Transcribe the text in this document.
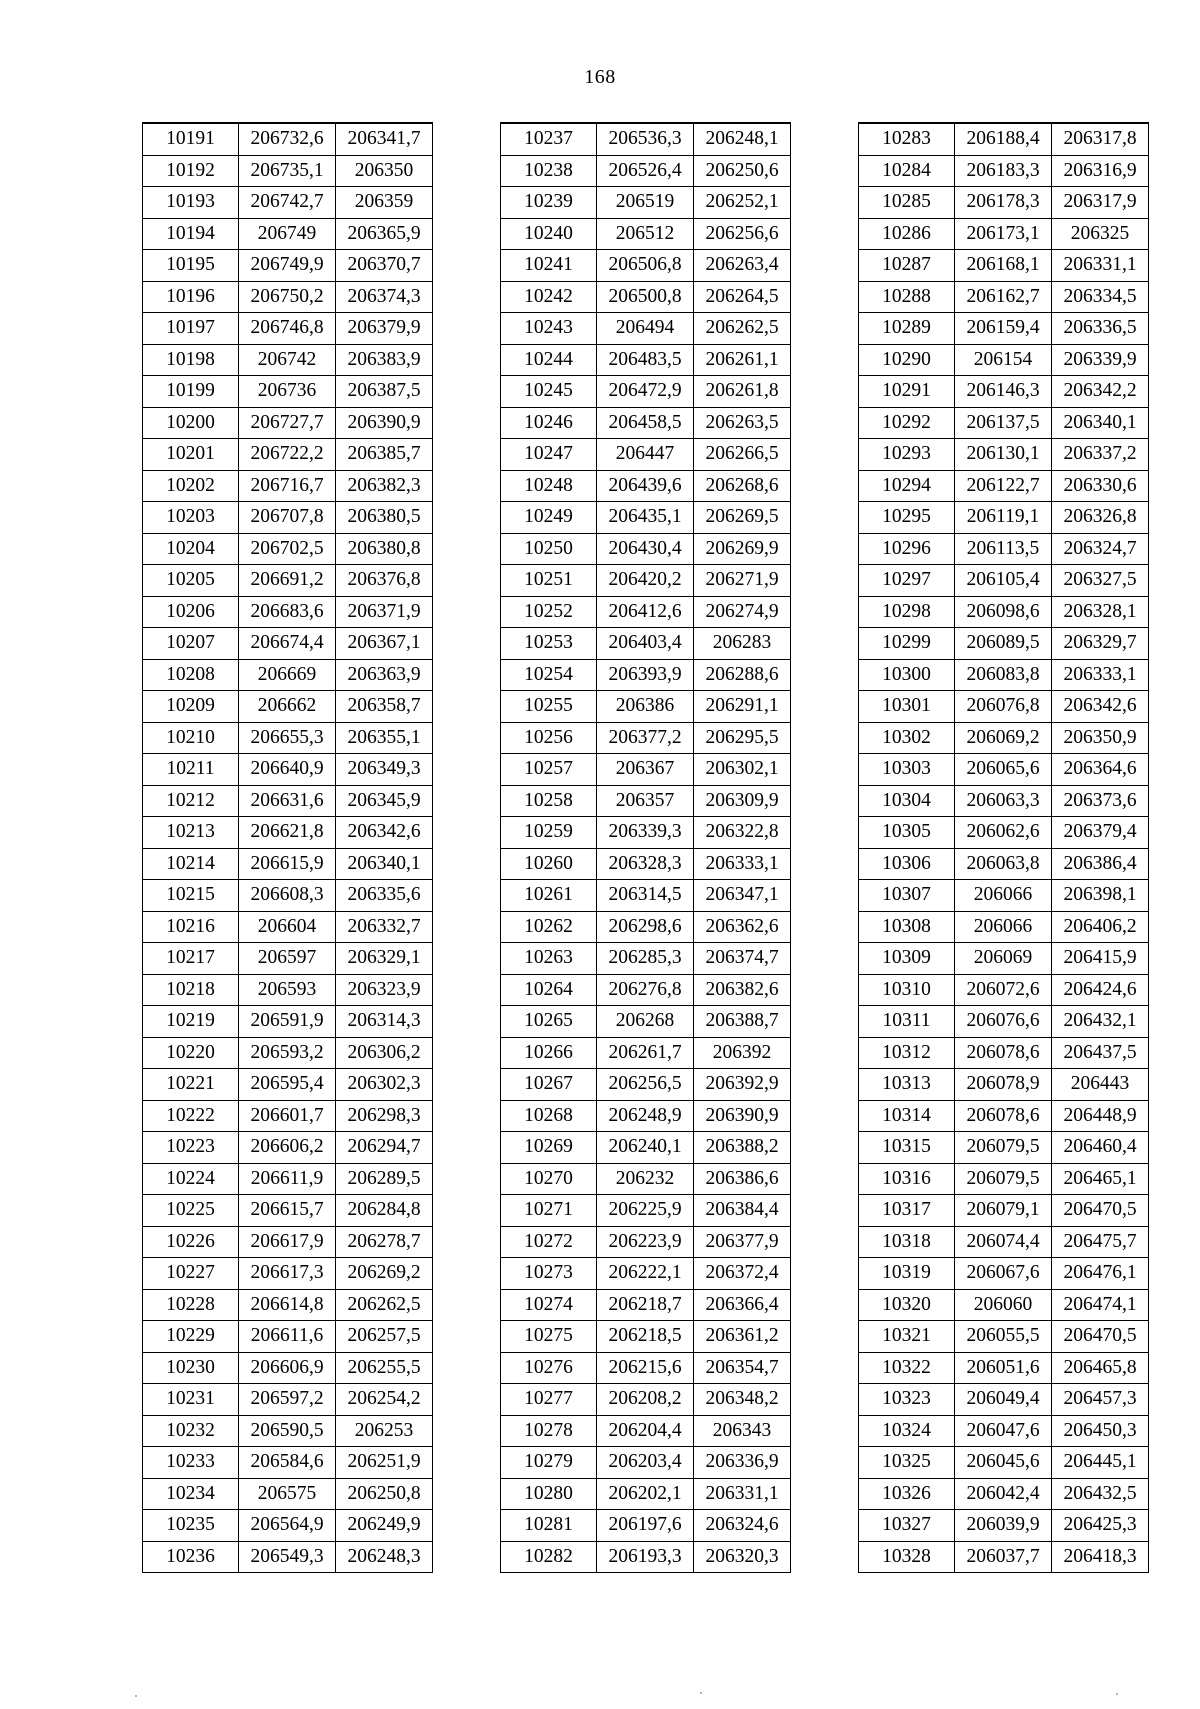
168
10191	206732,6	206341,7
10192	206735,1	206350
10193	206742,7	206359
10194	206749	206365,9
10195	206749,9	206370,7
10196	206750,2	206374,3
10197	206746,8	206379,9
10198	206742	206383,9
10199	206736	206387,5
10200	206727,7	206390,9
10201	206722,2	206385,7
10202	206716,7	206382,3
10203	206707,8	206380,5
10204	206702,5	206380,8
10205	206691,2	206376,8
10206	206683,6	206371,9
10207	206674,4	206367,1
10208	206669	206363,9
10209	206662	206358,7
10210	206655,3	206355,1
10211	206640,9	206349,3
10212	206631,6	206345,9
10213	206621,8	206342,6
10214	206615,9	206340,1
10215	206608,3	206335,6
10216	206604	206332,7
10217	206597	206329,1
10218	206593	206323,9
10219	206591,9	206314,3
10220	206593,2	206306,2
10221	206595,4	206302,3
10222	206601,7	206298,3
10223	206606,2	206294,7
10224	206611,9	206289,5
10225	206615,7	206284,8
10226	206617,9	206278,7
10227	206617,3	206269,2
10228	206614,8	206262,5
10229	206611,6	206257,5
10230	206606,9	206255,5
10231	206597,2	206254,2
10232	206590,5	206253
10233	206584,6	206251,9
10234	206575	206250,8
10235	206564,9	206249,9
10236	206549,3	206248,3
10237	206536,3	206248,1
10238	206526,4	206250,6
10239	206519	206252,1
10240	206512	206256,6
10241	206506,8	206263,4
10242	206500,8	206264,5
10243	206494	206262,5
10244	206483,5	206261,1
10245	206472,9	206261,8
10246	206458,5	206263,5
10247	206447	206266,5
10248	206439,6	206268,6
10249	206435,1	206269,5
10250	206430,4	206269,9
10251	206420,2	206271,9
10252	206412,6	206274,9
10253	206403,4	206283
10254	206393,9	206288,6
10255	206386	206291,1
10256	206377,2	206295,5
10257	206367	206302,1
10258	206357	206309,9
10259	206339,3	206322,8
10260	206328,3	206333,1
10261	206314,5	206347,1
10262	206298,6	206362,6
10263	206285,3	206374,7
10264	206276,8	206382,6
10265	206268	206388,7
10266	206261,7	206392
10267	206256,5	206392,9
10268	206248,9	206390,9
10269	206240,1	206388,2
10270	206232	206386,6
10271	206225,9	206384,4
10272	206223,9	206377,9
10273	206222,1	206372,4
10274	206218,7	206366,4
10275	206218,5	206361,2
10276	206215,6	206354,7
10277	206208,2	206348,2
10278	206204,4	206343
10279	206203,4	206336,9
10280	206202,1	206331,1
10281	206197,6	206324,6
10282	206193,3	206320,3
10283	206188,4	206317,8
10284	206183,3	206316,9
10285	206178,3	206317,9
10286	206173,1	206325
10287	206168,1	206331,1
10288	206162,7	206334,5
10289	206159,4	206336,5
10290	206154	206339,9
10291	206146,3	206342,2
10292	206137,5	206340,1
10293	206130,1	206337,2
10294	206122,7	206330,6
10295	206119,1	206326,8
10296	206113,5	206324,7
10297	206105,4	206327,5
10298	206098,6	206328,1
10299	206089,5	206329,7
10300	206083,8	206333,1
10301	206076,8	206342,6
10302	206069,2	206350,9
10303	206065,6	206364,6
10304	206063,3	206373,6
10305	206062,6	206379,4
10306	206063,8	206386,4
10307	206066	206398,1
10308	206066	206406,2
10309	206069	206415,9
10310	206072,6	206424,6
10311	206076,6	206432,1
10312	206078,6	206437,5
10313	206078,9	206443
10314	206078,6	206448,9
10315	206079,5	206460,4
10316	206079,5	206465,1
10317	206079,1	206470,5
10318	206074,4	206475,7
10319	206067,6	206476,1
10320	206060	206474,1
10321	206055,5	206470,5
10322	206051,6	206465,8
10323	206049,4	206457,3
10324	206047,6	206450,3
10325	206045,6	206445,1
10326	206042,4	206432,5
10327	206039,9	206425,3
10328	206037,7	206418,3
